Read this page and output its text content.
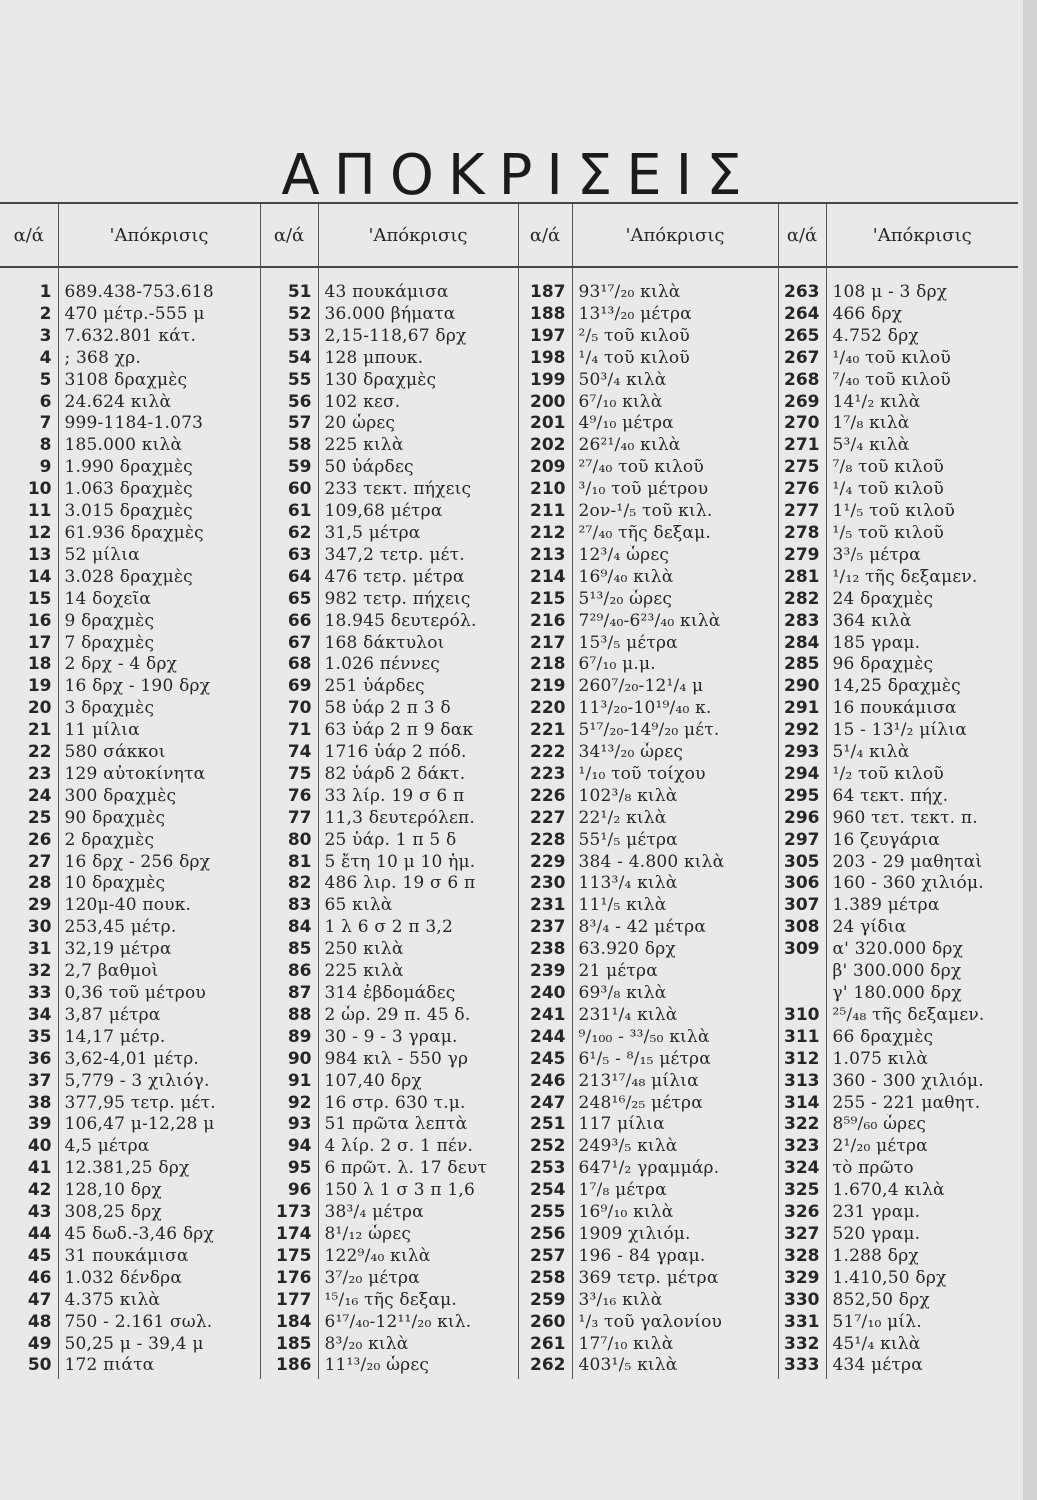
ΑΠΟΚΡΙΣΕΙΣ
α/ά	'Απόκρισις	α/ά	'Απόκρισις	α/ά	'Απόκρισις	α/ά	'Απόκρισις
1	689.438-753.618	51	43 πουκάμισα	187	93¹⁷/₂₀ κιλὰ	263	108 μ - 3 δρχ
2	470 μέτρ.-555 μ	52	36.000 βήματα	188	13¹³/₂₀ μέτρα	264	466 δρχ
3	7.632.801 κάτ.	53	2,15-118,67 δρχ	197	²/₅ τοῦ κιλοῦ	265	4.752 δρχ
4	; 368 χρ.	54	128 μπουκ.	198	¹/₄ τοῦ κιλοῦ	267	¹/₄₀ τοῦ κιλοῦ
5	3108 δραχμὲς	55	130 δραχμὲς	199	50³/₄ κιλὰ	268	⁷/₄₀ τοῦ κιλοῦ
6	24.624 κιλὰ	56	102 κεσ.	200	6⁷/₁₀ κιλὰ	269	14¹/₂ κιλὰ
7	999-1184-1.073	57	20 ὧρες	201	4⁹/₁₀ μέτρα	270	1⁷/₈ κιλὰ
8	185.000 κιλὰ	58	225 κιλὰ	202	26²¹/₄₀ κιλὰ	271	5³/₄ κιλὰ
9	1.990 δραχμὲς	59	50 ὑάρδες	209	²⁷/₄₀ τοῦ κιλοῦ	275	⁷/₈ τοῦ κιλοῦ
10	1.063 δραχμὲς	60	233 τεκτ. πήχεις	210	³/₁₀ τοῦ μέτρου	276	¹/₄ τοῦ κιλοῦ
11	3.015 δραχμὲς	61	109,68 μέτρα	211	2ον-¹/₅ τοῦ κιλ.	277	1¹/₅ τοῦ κιλοῦ
12	61.936 δραχμὲς	62	31,5 μέτρα	212	²⁷/₄₀ τῆς δεξαμ.	278	¹/₅ τοῦ κιλοῦ
13	52 μίλια	63	347,2 τετρ. μέτ.	213	12³/₄ ὧρες	279	3³/₅ μέτρα
14	3.028 δραχμὲς	64	476 τετρ. μέτρα	214	16⁹/₄₀ κιλὰ	281	¹/₁₂ τῆς δεξαμεν.
15	14 δοχεῖα	65	982 τετρ. πήχεις	215	5¹³/₂₀ ὧρες	282	24 δραχμὲς
16	9 δραχμὲς	66	18.945 δευτερόλ.	216	7²⁹/₄₀-6²³/₄₀ κιλὰ	283	364 κιλὰ
17	7 δραχμὲς	67	168 δάκτυλοι	217	15³/₅ μέτρα	284	185 γραμ.
18	2 δρχ - 4 δρχ	68	1.026 πέννες	218	6⁷/₁₀ μ.μ.	285	96 δραχμὲς
19	16 δρχ - 190 δρχ	69	251 ὑάρδες	219	260⁷/₂₀-12¹/₄ μ	290	14,25 δραχμὲς
20	3 δραχμὲς	70	58 ὑάρ 2 π 3 δ	220	11³/₂₀-10¹⁹/₄₀ κ.	291	16 πουκάμισα
21	11 μίλια	71	63 ὑάρ 2 π 9 δακ	221	5¹⁷/₂₀-14⁹/₂₀ μέτ.	292	15 - 13¹/₂ μίλια
22	580 σάκκοι	74	1716 ὑάρ 2 πόδ.	222	34¹³/₂₀ ὧρες	293	5¹/₄ κιλὰ
23	129 αὐτοκίνητα	75	82 ὑάρδ 2 δάκτ.	223	¹/₁₀ τοῦ τοίχου	294	¹/₂ τοῦ κιλοῦ
24	300 δραχμὲς	76	33 λίρ. 19 σ 6 π	226	102³/₈ κιλὰ	295	64 τεκτ. πήχ.
25	90 δραχμὲς	77	11,3 δευτερόλεπ.	227	22¹/₂ κιλὰ	296	960 τετ. τεκτ. π.
26	2 δραχμὲς	80	25 ὑάρ. 1 π 5 δ	228	55¹/₅ μέτρα	297	16 ζευγάρια
27	16 δρχ - 256 δρχ	81	5 ἔτη 10 μ 10 ἡμ.	229	384 - 4.800 κιλὰ	305	203 - 29 μαθηταὶ
28	10 δραχμὲς	82	486 λιρ. 19 σ 6 π	230	113³/₄ κιλὰ	306	160 - 360 χιλιόμ.
29	120μ-40 πουκ.	83	65 κιλὰ	231	11¹/₅ κιλὰ	307	1.389 μέτρα
30	253,45 μέτρ.	84	1 λ 6 σ 2 π 3,2	237	8³/₄ - 42 μέτρα	308	24 γίδια
31	32,19 μέτρα	85	250 κιλὰ	238	63.920 δρχ	309	α' 320.000 δρχ
32	2,7 βαθμοὶ	86	225 κιλὰ	239	21 μέτρα		β' 300.000 δρχ
33	0,36 τοῦ μέτρου	87	314 ἑβδομάδες	240	69³/₈ κιλὰ		γ' 180.000 δρχ
34	3,87 μέτρα	88	2 ὧρ. 29 π. 45 δ.	241	231¹/₄ κιλὰ	310	²⁵/₄₈ τῆς δεξαμεν.
35	14,17 μέτρ.	89	30 - 9 - 3 γραμ.	244	⁹/₁₀₀ - ³³/₅₀ κιλὰ	311	66 δραχμὲς
36	3,62-4,01 μέτρ.	90	984 κιλ - 550 γρ	245	6¹/₅ - ⁸/₁₅ μέτρα	312	1.075 κιλὰ
37	5,779 - 3 χιλιόγ.	91	107,40 δρχ	246	213¹⁷/₄₈ μίλια	313	360 - 300 χιλιόμ.
38	377,95 τετρ. μέτ.	92	16 στρ. 630 τ.μ.	247	248¹⁶/₂₅ μέτρα	314	255 - 221 μαθητ.
39	106,47 μ-12,28 μ	93	51 πρῶτα λεπτὰ	251	117 μίλια	322	8⁵⁹/₆₀ ὧρες
40	4,5 μέτρα	94	4 λίρ. 2 σ. 1 πέν.	252	249³/₅ κιλὰ	323	2¹/₂₀ μέτρα
41	12.381,25 δρχ	95	6 πρῶτ. λ. 17 δευτ	253	647¹/₂ γραμμάρ.	324	τὸ πρῶτο
42	128,10 δρχ	96	150 λ 1 σ 3 π 1,6	254	1⁷/₈ μέτρα	325	1.670,4 κιλὰ
43	308,25 δρχ	173	38³/₄ μέτρα	255	16⁹/₁₀ κιλὰ	326	231 γραμ.
44	45 δωδ.-3,46 δρχ	174	8¹/₁₂ ὧρες	256	1909 χιλιόμ.	327	520 γραμ.
45	31 πουκάμισα	175	122⁹/₄₀ κιλὰ	257	196 - 84 γραμ.	328	1.288 δρχ
46	1.032 δένδρα	176	3⁷/₂₀ μέτρα	258	369 τετρ. μέτρα	329	1.410,50 δρχ
47	4.375 κιλὰ	177	¹⁵/₁₆ τῆς δεξαμ.	259	3³/₁₆ κιλὰ	330	852,50 δρχ
48	750 - 2.161 σωλ.	184	6¹⁷/₄₀-12¹¹/₂₀ κιλ.	260	¹/₃ τοῦ γαλονίου	331	51⁷/₁₀ μίλ.
49	50,25 μ - 39,4 μ	185	8³/₂₀ κιλὰ	261	17⁷/₁₀ κιλὰ	332	45¹/₄ κιλὰ
50	172 πιάτα	186	11¹³/₂₀ ὧρες	262	403¹/₅ κιλὰ	333	434 μέτρα
